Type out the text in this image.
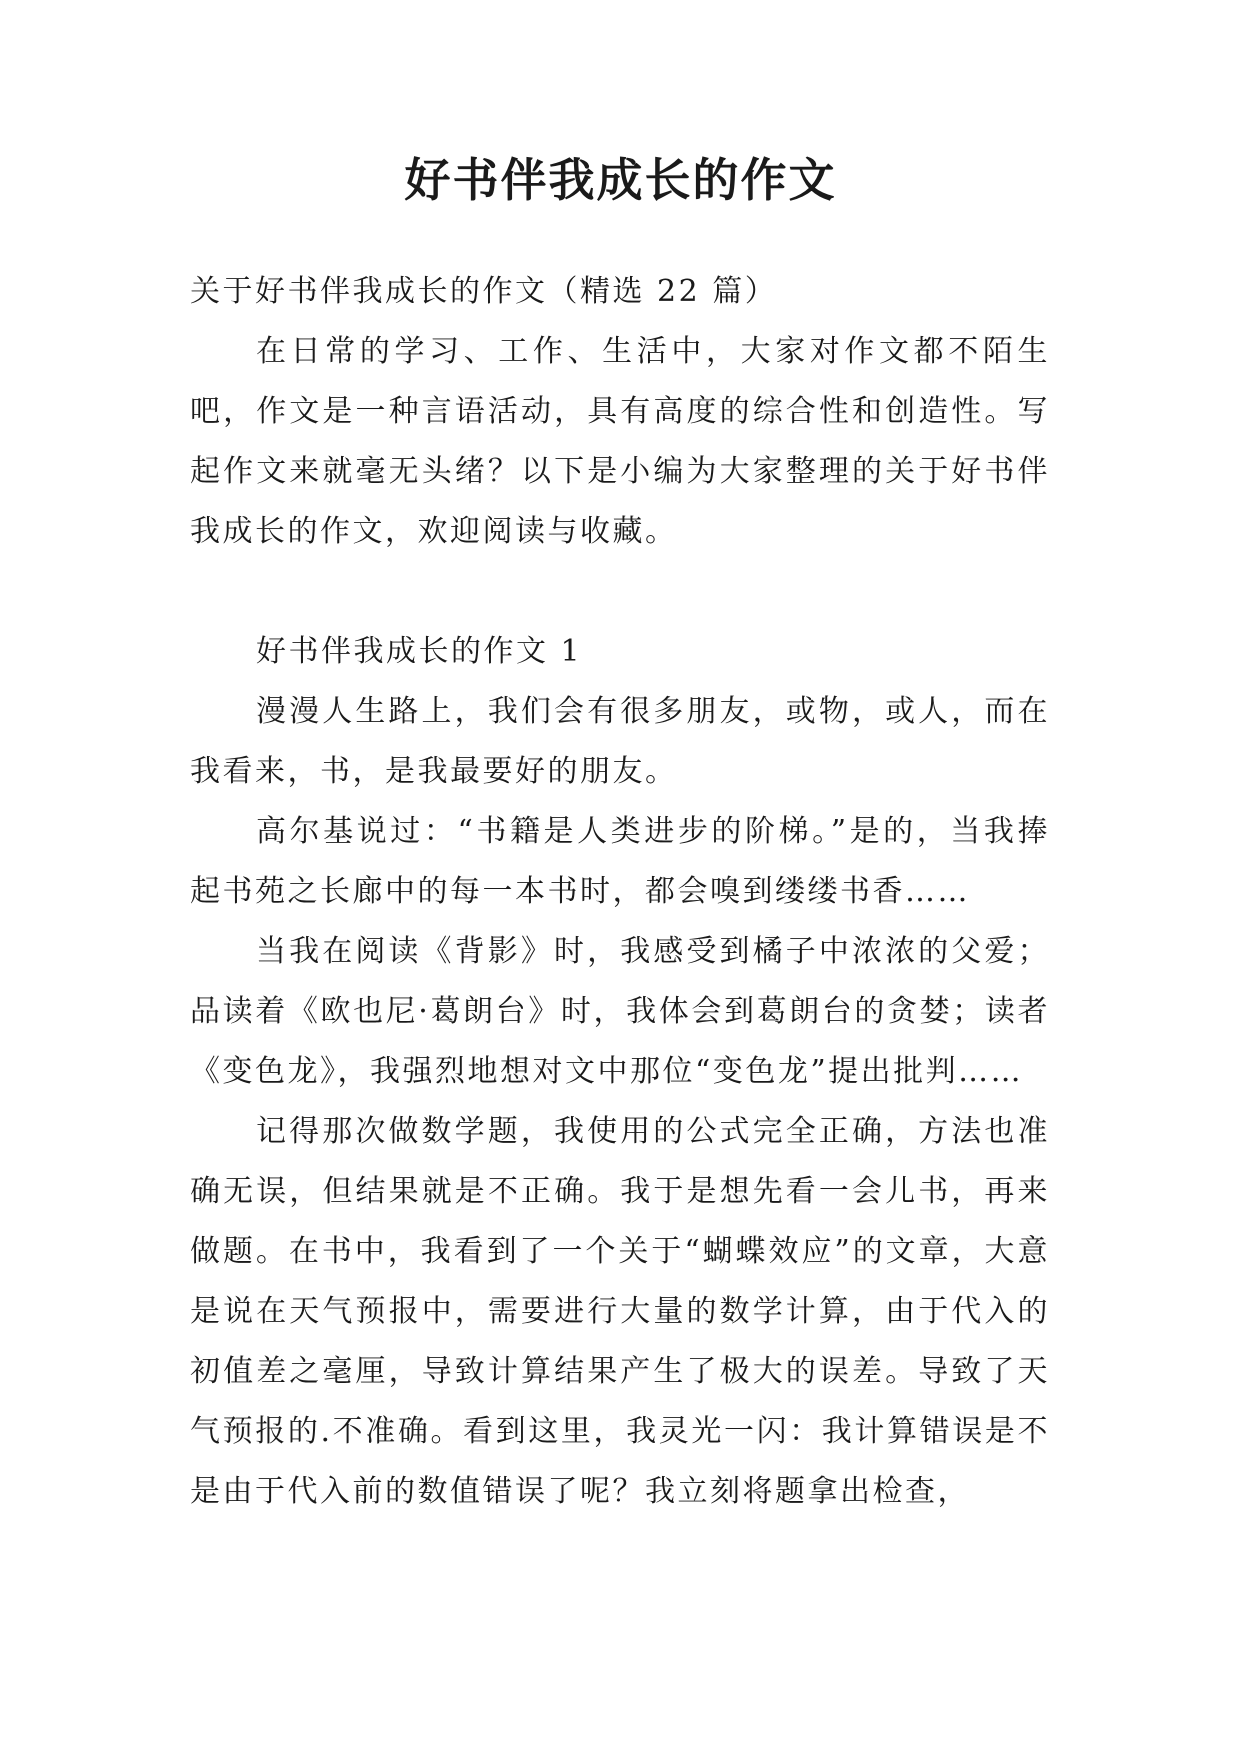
好书伴我成长的作文

关于好书伴我成长的作文（精选 22 篇）

在日常的学习、工作、生活中，大家对作文都不陌生吧，作文是一种言语活动，具有高度的综合性和创造性。写起作文来就毫无头绪？以下是小编为大家整理的关于好书伴我成长的作文，欢迎阅读与收藏。

好书伴我成长的作文 1

漫漫人生路上，我们会有很多朋友，或物，或人，而在我看来，书，是我最要好的朋友。

高尔基说过：“书籍是人类进步的阶梯。”是的，当我捧起书苑之长廊中的每一本书时，都会嗅到缕缕书香……

当我在阅读《背影》时，我感受到橘子中浓浓的父爱；品读着《欧也尼·葛朗台》时，我体会到葛朗台的贪婪；读者《变色龙》，我强烈地想对文中那位“变色龙”提出批判……

记得那次做数学题，我使用的公式完全正确，方法也准确无误，但结果就是不正确。我于是想先看一会儿书，再来做题。在书中，我看到了一个关于“蝴蝶效应”的文章，大意是说在天气预报中，需要进行大量的数学计算，由于代入的初值差之毫厘，导致计算结果产生了极大的误差。导致了天气预报的.不准确。看到这里，我灵光一闪：我计算错误是不是由于代入前的数值错误了呢？我立刻将题拿出检查，
